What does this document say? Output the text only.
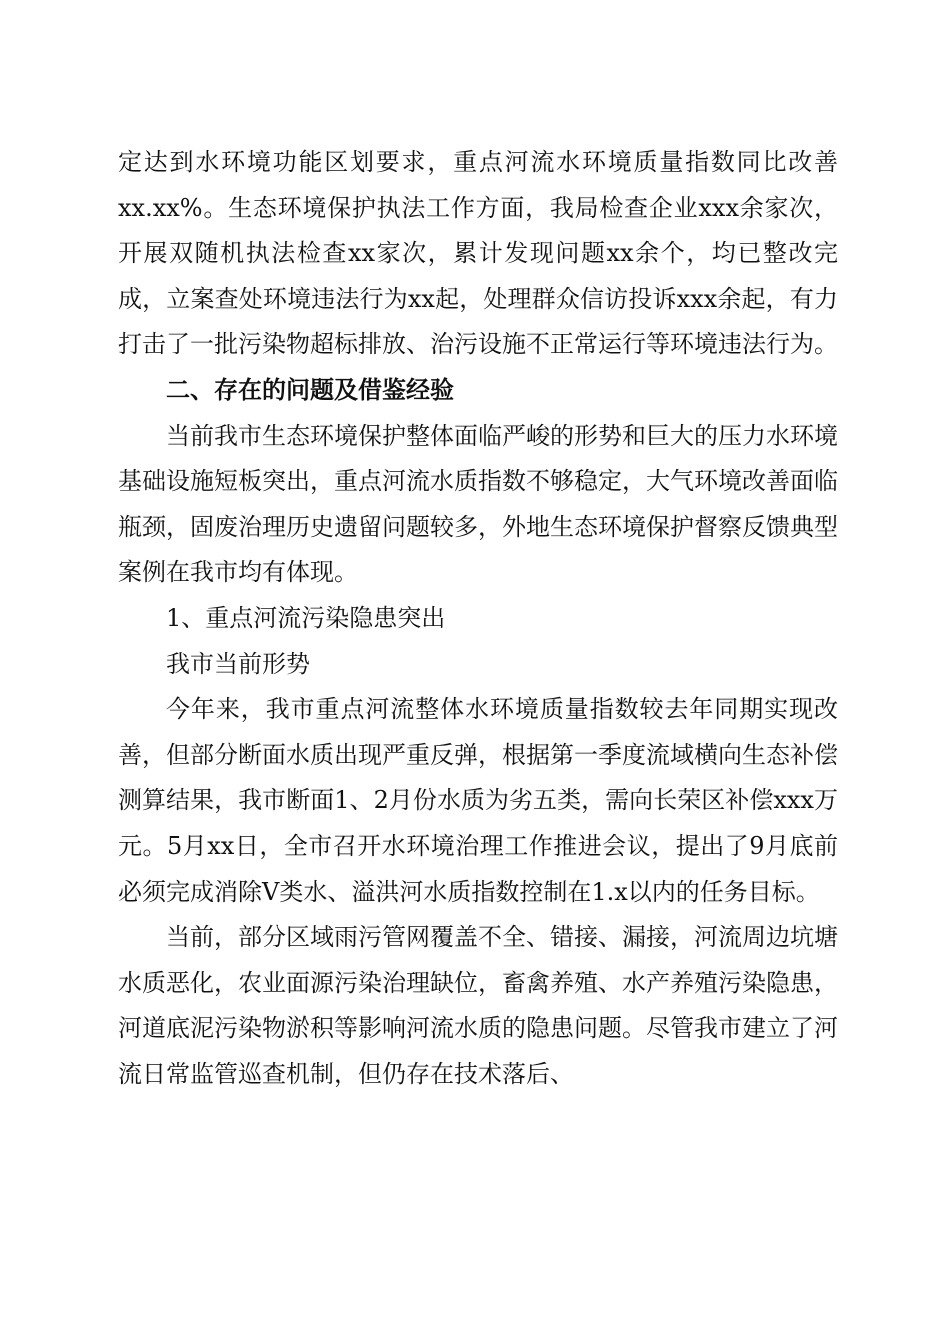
定达到水环境功能区划要求，重点河流水环境质量指数同比改善xx.xx%。生态环境保护执法工作方面，我局检查企业xxx余家次，开展双随机执法检查xx家次，累计发现问题xx余个，均已整改完成，立案查处环境违法行为xx起，处理群众信访投诉xxx余起，有力打击了一批污染物超标排放、治污设施不正常运行等环境违法行为。

二、存在的问题及借鉴经验

当前我市生态环境保护整体面临严峻的形势和巨大的压力水环境基础设施短板突出，重点河流水质指数不够稳定，大气环境改善面临瓶颈，固废治理历史遗留问题较多，外地生态环境保护督察反馈典型案例在我市均有体现。

1、重点河流污染隐患突出

我市当前形势

今年来，我市重点河流整体水环境质量指数较去年同期实现改善，但部分断面水质出现严重反弹，根据第一季度流域横向生态补偿测算结果，我市断面1、2月份水质为劣五类，需向长荣区补偿xxx万元。5月xx日，全市召开水环境治理工作推进会议，提出了9月底前必须完成消除V类水、溢洪河水质指数控制在1.x以内的任务目标。

当前，部分区域雨污管网覆盖不全、错接、漏接，河流周边坑塘水质恶化，农业面源污染治理缺位，畜禽养殖、水产养殖污染隐患，河道底泥污染物淤积等影响河流水质的隐患问题。尽管我市建立了河流日常监管巡查机制，但仍存在技术落后、
